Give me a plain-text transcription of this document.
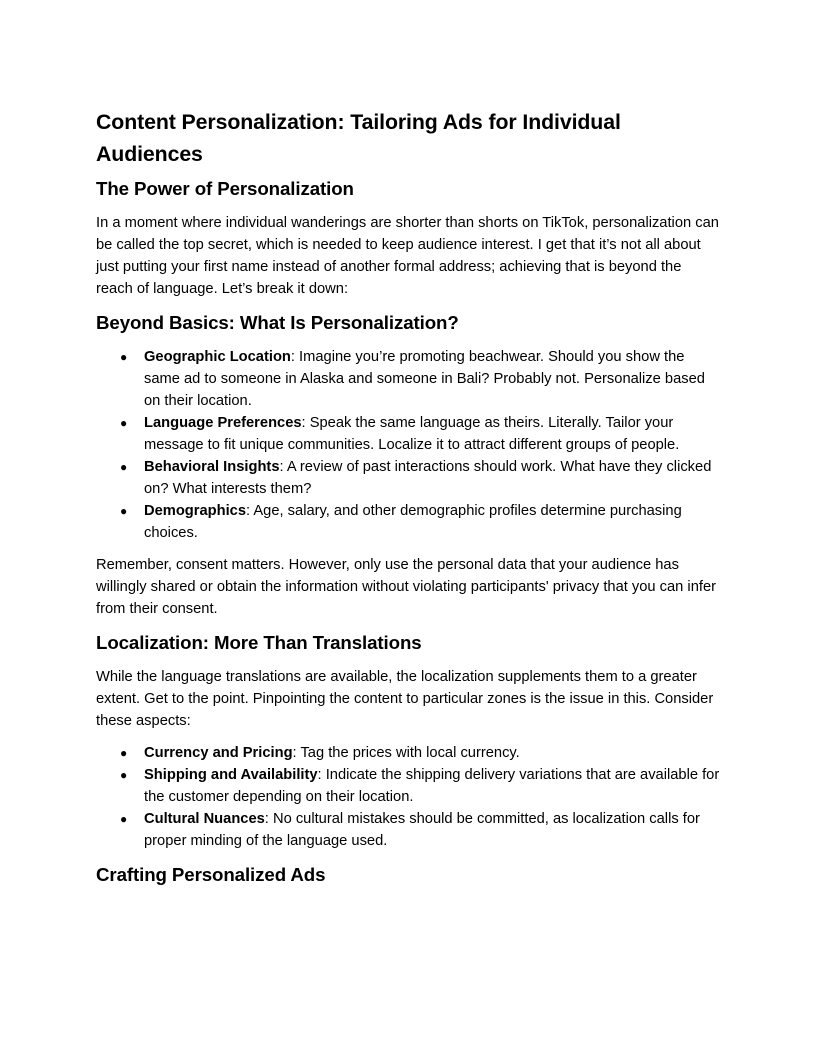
Content Personalization: Tailoring Ads for Individual Audiences
The Power of Personalization

In a moment where individual wanderings are shorter than shorts on TikTok, personalization can be called the top secret, which is needed to keep audience interest. I get that it’s not all about just putting your first name instead of another formal address; achieving that is beyond the reach of language. Let’s break it down:

Beyond Basics: What Is Personalization?
● Geographic Location: Imagine you’re promoting beachwear. Should you show the same ad to someone in Alaska and someone in Bali? Probably not. Personalize based on their location.
● Language Preferences: Speak the same language as theirs. Literally. Tailor your message to fit unique communities. Localize it to attract different groups of people.
● Behavioral Insights: A review of past interactions should work. What have they clicked on? What interests them?
● Demographics: Age, salary, and other demographic profiles determine purchasing choices.

Remember, consent matters. However, only use the personal data that your audience has willingly shared or obtain the information without violating participants' privacy that you can infer from their consent.

Localization: More Than Translations

While the language translations are available, the localization supplements them to a greater extent. Get to the point. Pinpointing the content to particular zones is the issue in this. Consider these aspects:

● Currency and Pricing: Tag the prices with local currency.
● Shipping and Availability: Indicate the shipping delivery variations that are available for the customer depending on their location.
● Cultural Nuances: No cultural mistakes should be committed, as localization calls for proper minding of the language used.
Crafting Personalized Ads
